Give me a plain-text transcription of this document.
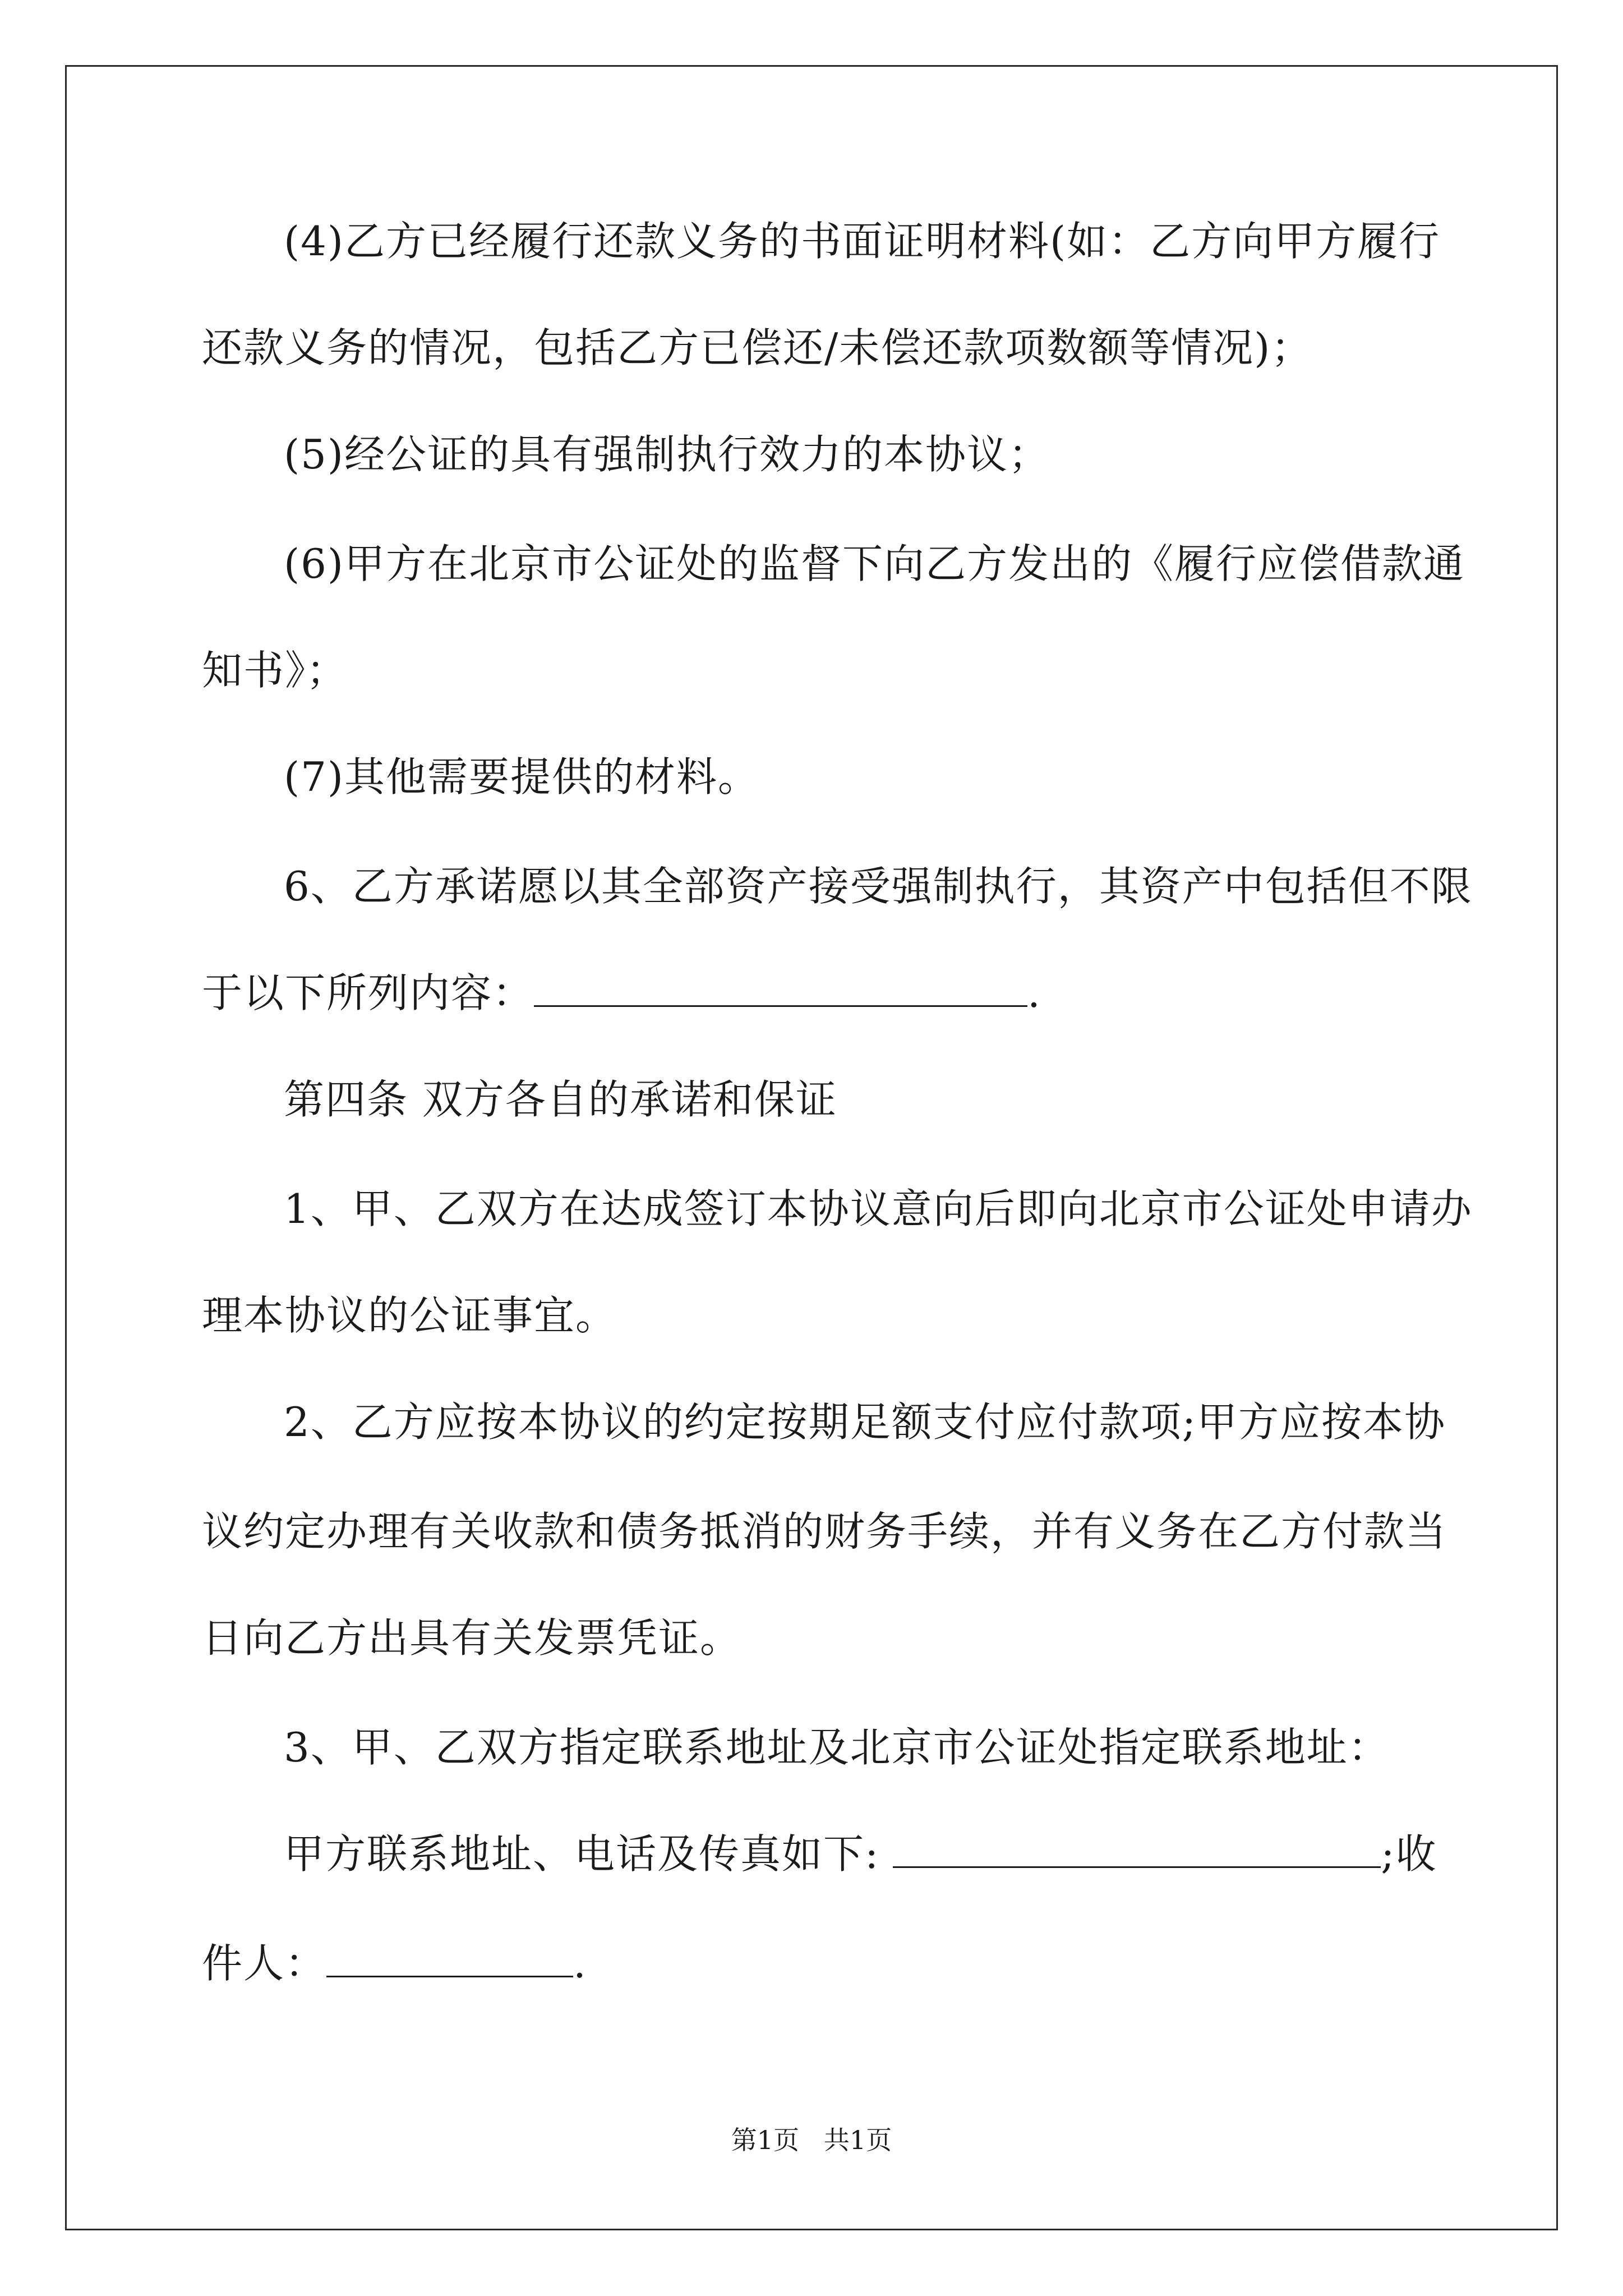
(4)乙方已经履行还款义务的书面证明材料(如：乙方向甲方履行
还款义务的情况，包括乙方已偿还/未偿还款项数额等情况)；
(5)经公证的具有强制执行效力的本协议；
(6)甲方在北京市公证处的监督下向乙方发出的《履行应偿借款通
知书》；
(7)其他需要提供的材料。
6、乙方承诺愿以其全部资产接受强制执行，其资产中包括但不限
于以下所列内容：	.
第四条 双方各自的承诺和保证
1、甲、乙双方在达成签订本协议意向后即向北京市公证处申请办
理本协议的公证事宜。
2、乙方应按本协议的约定按期足额支付应付款项;甲方应按本协
议约定办理有关收款和债务抵消的财务手续，并有义务在乙方付款当
日向乙方出具有关发票凭证。
3、甲、乙双方指定联系地址及北京市公证处指定联系地址：
甲方联系地址、电话及传真如下:	;收
件人：	.
第1页   共1页
